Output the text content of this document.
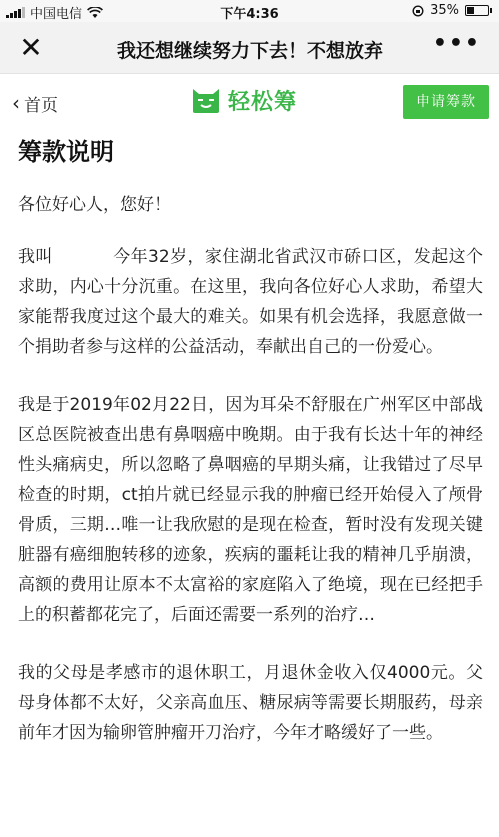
中国电信	下午4:36	35%
✕	我还想继续努力下去！不想放弃	•••
‹ 首页	轻松筹	申请筹款
筹款说明

各位好心人，您好！

我叫	今年32岁，家住湖北省武汉市硚口区，发起这个求助，内心十分沉重。在这里，我向各位好心人求助，希望大家能帮我度过这个最大的难关。如果有机会选择，我愿意做一个捐助者参与这样的公益活动，奉献出自己的一份爱心。

我是于2019年02月22日，因为耳朵不舒服在广州军区中部战区总医院被查出患有鼻咽癌中晚期。由于我有长达十年的神经性头痛病史，所以忽略了鼻咽癌的早期头痛，让我错过了尽早检查的时期，ct拍片就已经显示我的肿瘤已经开始侵入了颅骨骨质，三期…唯一让我欣慰的是现在检查，暂时没有发现关键脏器有癌细胞转移的迹象，疾病的噩耗让我的精神几乎崩溃，高额的费用让原本不太富裕的家庭陷入了绝境，现在已经把手上的积蓄都花完了，后面还需要一系列的治疗…

我的父母是孝感市的退休职工，月退休金收入仅4000元。父母身体都不太好，父亲高血压、糖尿病等需要长期服药，母亲前年才因为输卵管肿瘤开刀治疗，今年才略缓好了一些。
